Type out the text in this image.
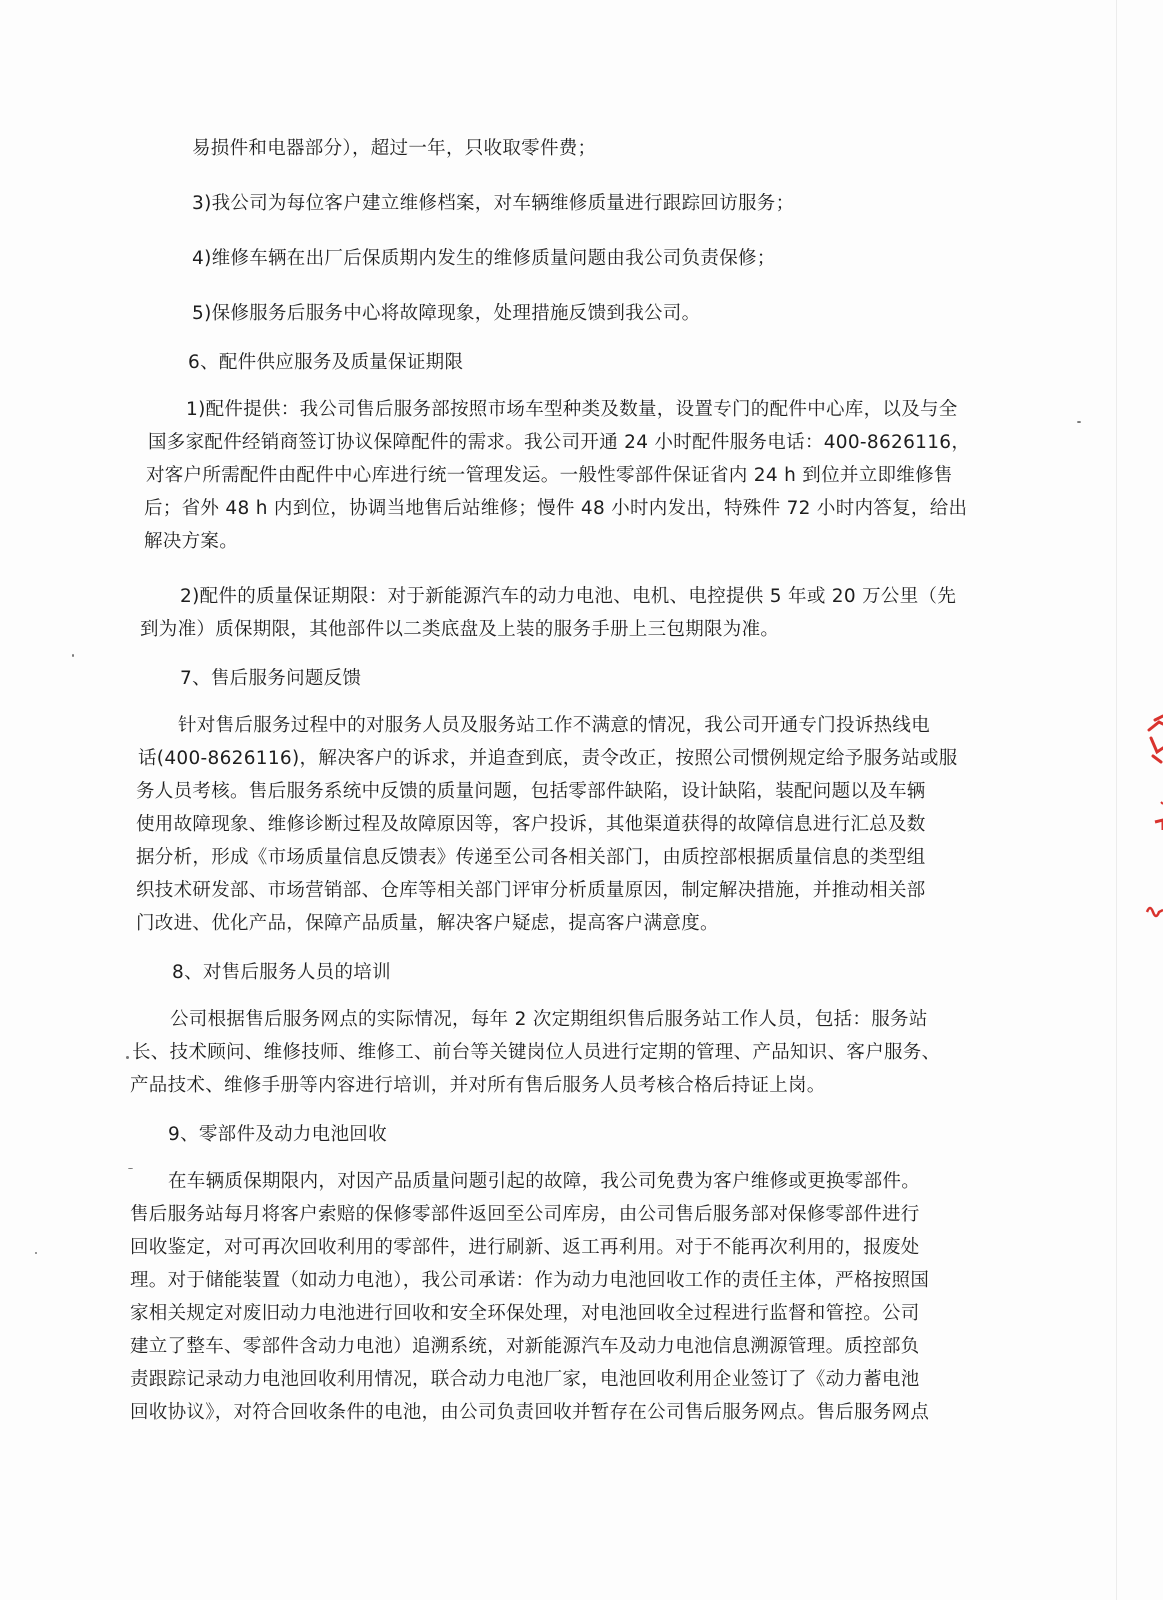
易损件和电器部分），超过一年，只收取零件费；

3)我公司为每位客户建立维修档案，对车辆维修质量进行跟踪回访服务；

4)维修车辆在出厂后保质期内发生的维修质量问题由我公司负责保修；

5)保修服务后服务中心将故障现象，处理措施反馈到我公司。

6、配件供应服务及质量保证期限

1)配件提供：我公司售后服务部按照市场车型种类及数量，设置专门的配件中心库，以及与全

国多家配件经销商签订协议保障配件的需求。我公司开通 24 小时配件服务电话：400-8626116，

对客户所需配件由配件中心库进行统一管理发运。一般性零部件保证省内 24 h 到位并立即维修售

后；省外 48 h 内到位，协调当地售后站维修；慢件 48 小时内发出，特殊件 72 小时内答复，给出

解决方案。

2)配件的质量保证期限：对于新能源汽车的动力电池、电机、电控提供 5 年或 20 万公里（先

到为准）质保期限，其他部件以二类底盘及上装的服务手册上三包期限为准。

7、售后服务问题反馈

针对售后服务过程中的对服务人员及服务站工作不满意的情况，我公司开通专门投诉热线电

话(400-8626116)，解决客户的诉求，并追查到底，责令改正，按照公司惯例规定给予服务站或服

务人员考核。售后服务系统中反馈的质量问题，包括零部件缺陷，设计缺陷，装配问题以及车辆

使用故障现象、维修诊断过程及故障原因等，客户投诉，其他渠道获得的故障信息进行汇总及数

据分析，形成《市场质量信息反馈表》传递至公司各相关部门，由质控部根据质量信息的类型组

织技术研发部、市场营销部、仓库等相关部门评审分析质量原因，制定解决措施，并推动相关部

门改进、优化产品，保障产品质量，解决客户疑虑，提高客户满意度。

8、对售后服务人员的培训

公司根据售后服务网点的实际情况，每年 2 次定期组织售后服务站工作人员，包括：服务站

长、技术顾问、维修技师、维修工、前台等关键岗位人员进行定期的管理、产品知识、客户服务、

产品技术、维修手册等内容进行培训，并对所有售后服务人员考核合格后持证上岗。

9、零部件及动力电池回收

在车辆质保期限内，对因产品质量问题引起的故障，我公司免费为客户维修或更换零部件。

售后服务站每月将客户索赔的保修零部件返回至公司库房，由公司售后服务部对保修零部件进行

回收鉴定，对可再次回收利用的零部件，进行刷新、返工再利用。对于不能再次利用的，报废处

理。对于储能装置（如动力电池），我公司承诺：作为动力电池回收工作的责任主体，严格按照国

家相关规定对废旧动力电池进行回收和安全环保处理，对电池回收全过程进行监督和管控。公司

建立了整车、零部件含动力电池）追溯系统，对新能源汽车及动力电池信息溯源管理。质控部负

责跟踪记录动力电池回收利用情况，联合动力电池厂家，电池回收利用企业签订了《动力蓄电池

回收协议》，对符合回收条件的电池，由公司负责回收并暂存在公司售后服务网点。售后服务网点
